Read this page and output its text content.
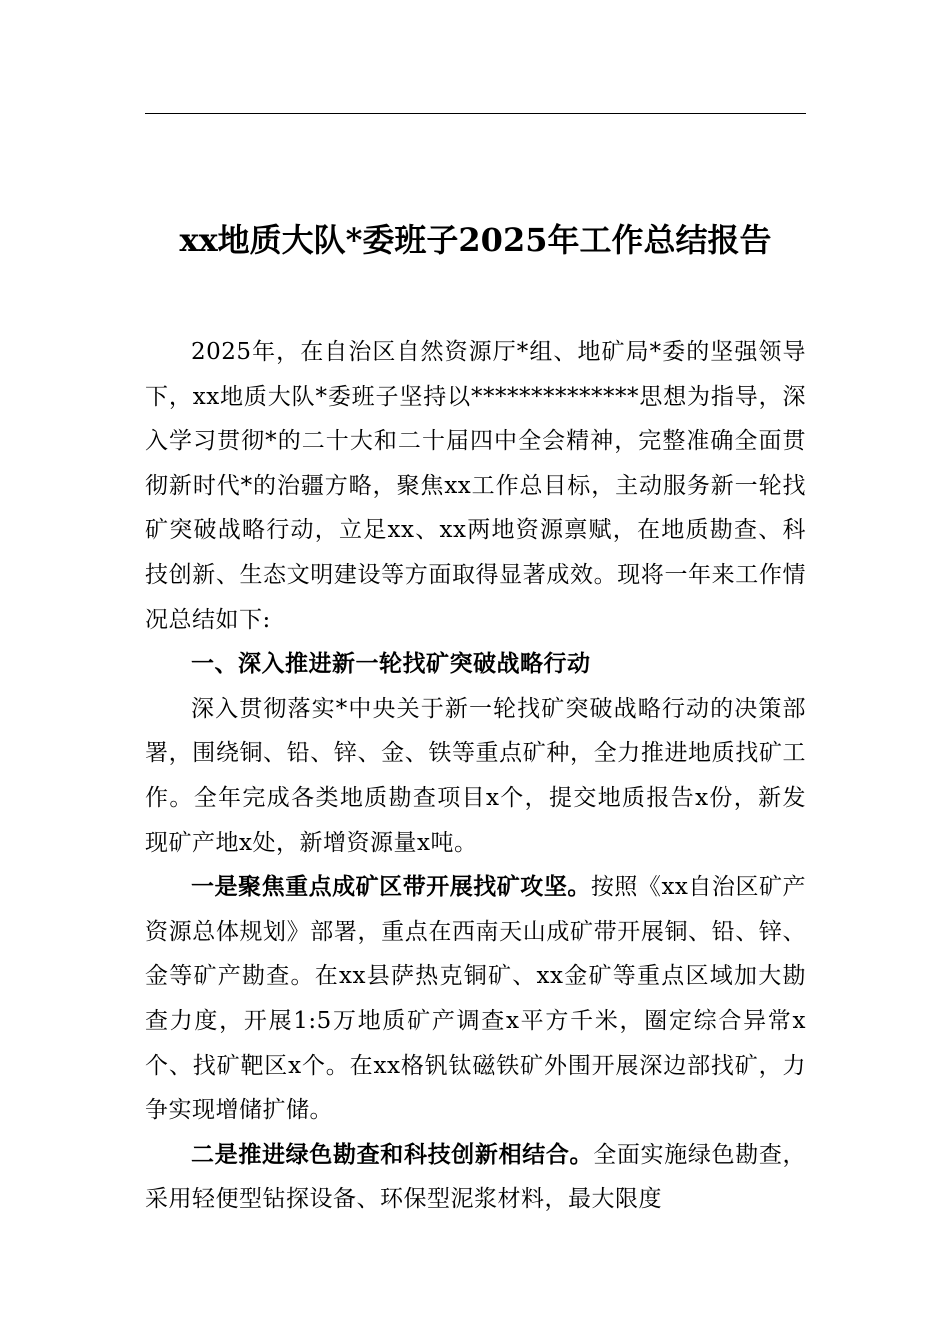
xx地质大队*委班子2025年工作总结报告

2025年，在自治区自然资源厅*组、地矿局*委的坚强领导下，xx地质大队*委班子坚持以**************思想为指导，深入学习贯彻*的二十大和二十届四中全会精神，完整准确全面贯彻新时代*的治疆方略，聚焦xx工作总目标，主动服务新一轮找矿突破战略行动，立足xx、xx两地资源禀赋，在地质勘查、科技创新、生态文明建设等方面取得显著成效。现将一年来工作情况总结如下:

一、深入推进新一轮找矿突破战略行动

深入贯彻落实*中央关于新一轮找矿突破战略行动的决策部署，围绕铜、铅、锌、金、铁等重点矿种，全力推进地质找矿工作。全年完成各类地质勘查项目x个，提交地质报告x份，新发现矿产地x处，新增资源量x吨。

一是聚焦重点成矿区带开展找矿攻坚。按照《xx自治区矿产资源总体规划》部署，重点在西南天山成矿带开展铜、铅、锌、金等矿产勘查。在xx县萨热克铜矿、xx金矿等重点区域加大勘查力度，开展1:5万地质矿产调查x平方千米，圈定综合异常x个、找矿靶区x个。在xx格钒钛磁铁矿外围开展深边部找矿，力争实现增储扩储。

二是推进绿色勘查和科技创新相结合。全面实施绿色勘查，采用轻便型钻探设备、环保型泥浆材料，最大限度
